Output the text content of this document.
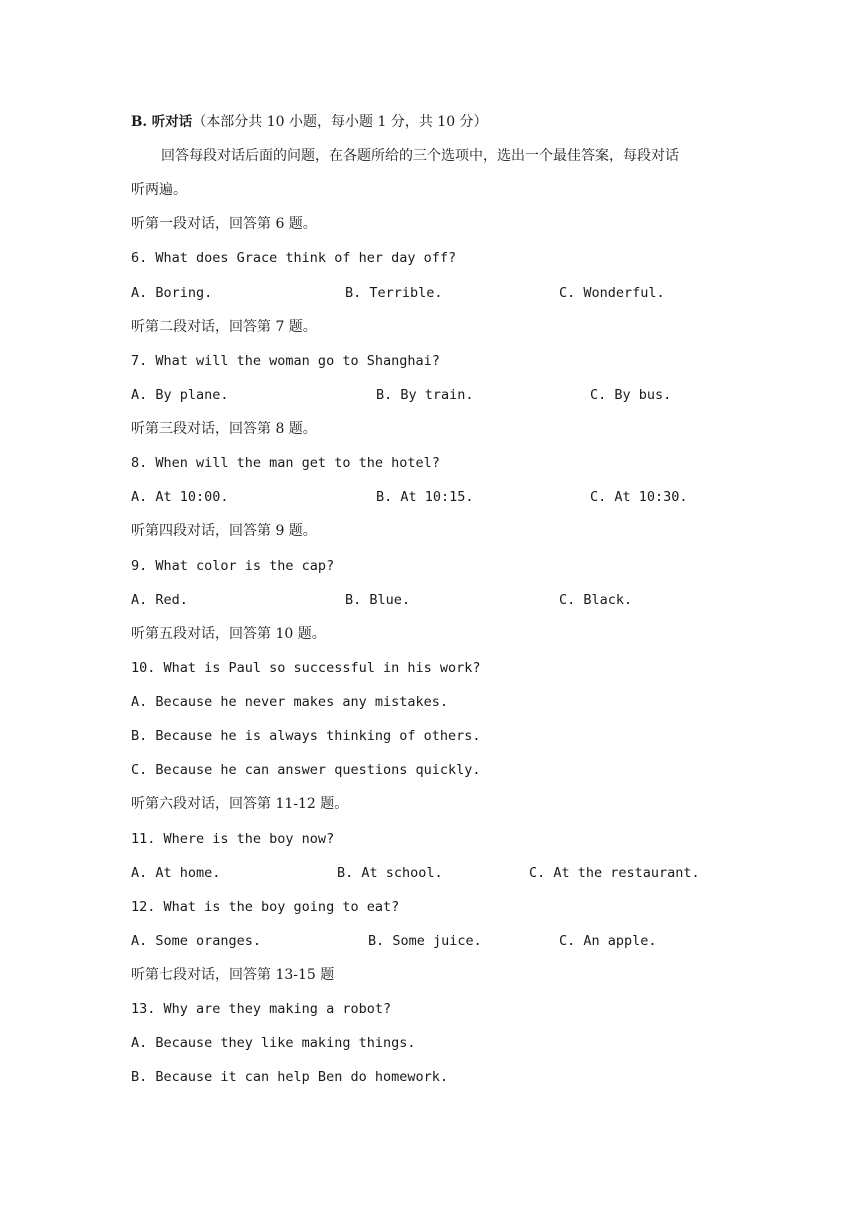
B. 听对话（本部分共 10 小题，每小题 1 分，共 10 分）
回答每段对话后面的问题，在各题所给的三个选项中，选出一个最佳答案，每段对话
听两遍。
听第一段对话，回答第 6 题。
6. What does Grace think of her day off?
A. Boring.	B. Terrible.	C. Wonderful.
听第二段对话，回答第 7 题。
7. What will the woman go to Shanghai?
A. By plane.	B. By train.	C. By bus.
听第三段对话，回答第 8 题。
8. When will the man get to the hotel?
A. At 10:00.	B. At 10:15.	C. At 10:30.
听第四段对话，回答第 9 题。
9. What color is the cap?
A. Red.	B. Blue.	C. Black.
听第五段对话，回答第 10 题。
10. What is Paul so successful in his work?
A. Because he never makes any mistakes.
B. Because he is always thinking of others.
C. Because he can answer questions quickly.
听第六段对话，回答第 11-12 题。
11. Where is the boy now?
A. At home.	B. At school.	C. At the restaurant.
12. What is the boy going to eat?
A. Some oranges.	B. Some juice.	C. An apple.
听第七段对话，回答第 13-15 题
13. Why are they making a robot?
A. Because they like making things.
B. Because it can help Ben do homework.
